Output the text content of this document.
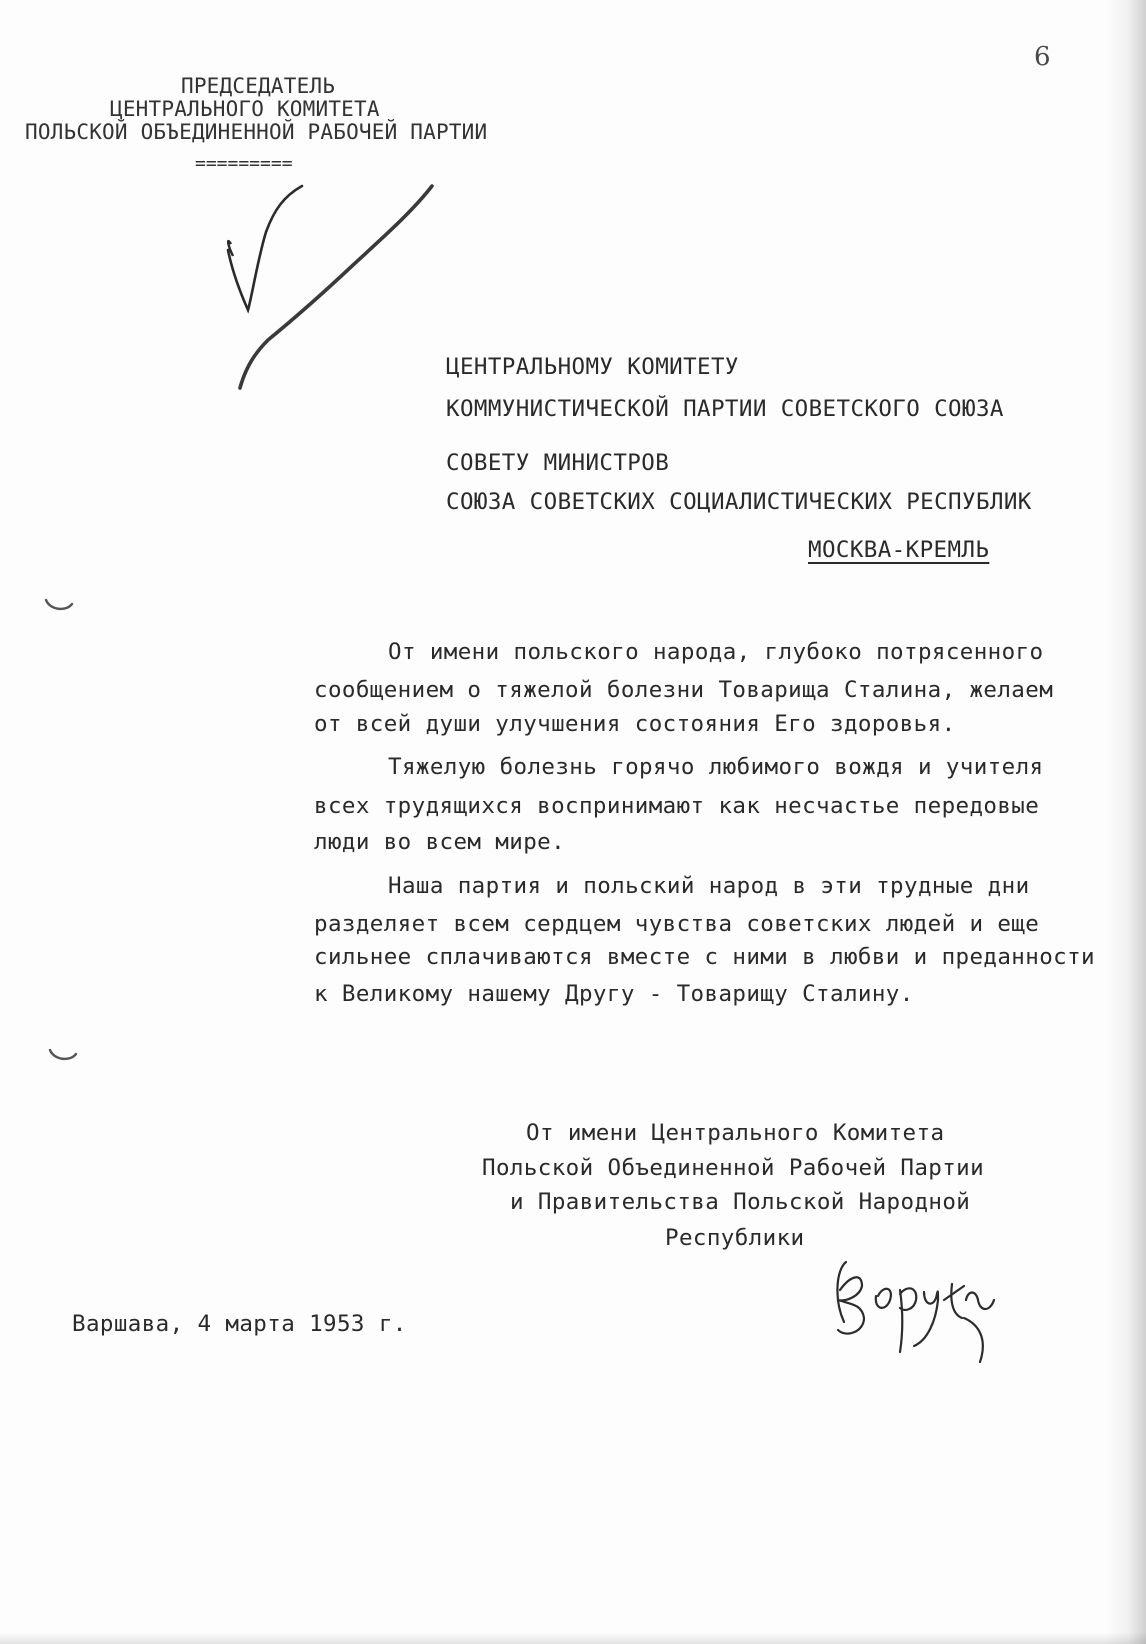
6
ПРЕДСЕДАТЕЛЬ
ЦЕНТРАЛЬНОГО КОМИТЕТА
ПОЛЬСКОЙ ОБЪЕДИНЕННОЙ РАБОЧЕЙ ПАРТИИ
=========
ЦЕНТРАЛЬНОМУ КОМИТЕТУ
КОММУНИСТИЧЕСКОЙ ПАРТИИ СОВЕТСКОГО СОЮЗА
СОВЕТУ МИНИСТРОВ
СОЮЗА СОВЕТСКИХ СОЦИАЛИСТИЧЕСКИХ РЕСПУБЛИК
МОСКВА-КРЕМЛЬ
От имени польского народа, глубоко потрясенного
сообщением о тяжелой болезни Товарища Сталина, желаем
от всей души улучшения состояния Его здоровья.
Тяжелую болезнь горячо любимого вождя и учителя
всех трудящихся воспринимают как несчастье передовые
люди во всем мире.
Наша партия и польский народ в эти трудные дни
разделяет всем сердцем чувства советских людей и еще
сильнее сплачиваются вместе с ними в любви и преданности
к Великому нашему Другу - Товарищу Сталину.
От имени Центрального Комитета
Польской Объединенной Рабочей Партии
и Правительства Польской Народной
Республики
Варшава, 4 марта 1953 г.
